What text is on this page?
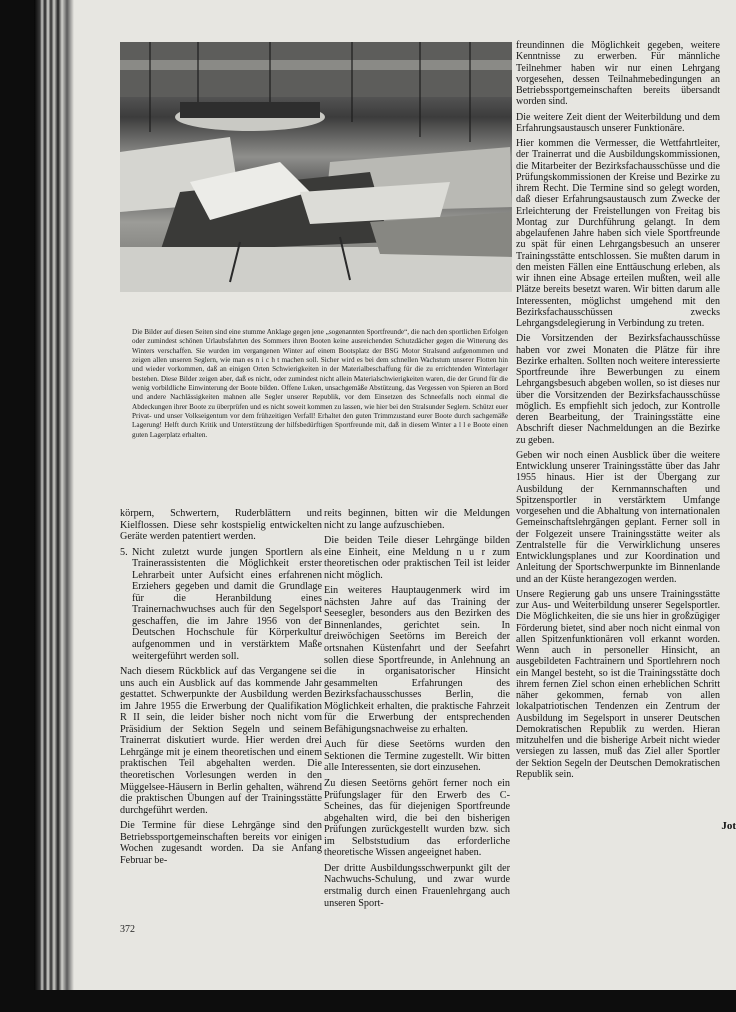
Die Bilder auf diesen Seiten sind eine stumme Anklage gegen jene „sogenannten Sportfreunde“, die nach den sportlichen Erfolgen oder zumindest schönen Urlaubsfahrten des Sommers ihren Booten keine ausreichenden Schutzdächer gegen die Witterung des Winters verschaffen. Sie wurden im vergangenen Winter auf einem Bootsplatz der BSG Motor Stralsund aufgenommen und zeigen allen unseren Seglern, wie man es n i c h t machen soll. Sicher wird es bei dem schnellen Wachstum unserer Flotten hin und wieder vorkommen, daß an einigen Orten Schwierigkeiten in der Materialbeschaffung für die zu errichtenden Winterlager bestehen. Diese Bilder zeigen aber, daß es nicht, oder zumindest nicht allein Materialschwierigkeiten waren, die der Grund für die wenig vorbildliche Einwinterung der Boote bilden. Offene Luken, unsachgemäße Abstützung, das Vergessen von Spieren an Bord und andere Nachlässigkeiten mahnen alle Segler unserer Republik, vor dem Einsetzen des Schneefalls noch einmal die Abdeckungen ihrer Boote zu überprüfen und es nicht soweit kommen zu lassen, wie hier bei den Stralsunder Seglern. Schützt euer Privat- und unser Volkseigentum vor dem frühzeitigen Verfall! Erhaltet den guten Trimmzustand eurer Boote durch sachgemäße Lagerung! Helft durch Kritik und Unterstützung der hilfsbedürftigen Sportfreunde mit, daß in diesem Winter a l l e Boote einen guten Lagerplatz erhalten.

körpern, Schwertern, Ruderblättern und Kielflossen. Diese sehr kostspielig entwickelten Geräte werden patentiert werden.

5. Nicht zuletzt wurde jungen Sportlern als Trainerassistenten die Möglichkeit erster Lehrarbeit unter Aufsicht eines erfahrenen Erziehers gegeben und damit die Grundlage für die Heranbildung eines Trainernachwuchses auch für den Segelsport geschaffen, die im Jahre 1956 von der Deutschen Hochschule für Körperkultur aufgenommen und in verstärktem Maße weitergeführt werden soll.

Nach diesem Rückblick auf das Vergangene sei uns auch ein Ausblick auf das kommende Jahr gestattet. Schwerpunkte der Ausbildung werden im Jahre 1955 die Erwerbung der Qualifikation R II sein, die leider bisher noch nicht vom Präsidium der Sektion Segeln und seinem Trainerrat diskutiert wurde. Hier werden drei Lehrgänge mit je einem theoretischen und einem praktischen Teil abgehalten werden. Die theoretischen Vorlesungen werden in den Müggelsee-Häusern in Berlin gehalten, während die praktischen Übungen auf der Trainingsstätte durchgeführt werden.

Die Termine für diese Lehrgänge sind den Betriebssportgemeinschaften bereits vor einigen Wochen zugesandt worden. Da sie Anfang Februar be-

reits beginnen, bitten wir die Meldungen nicht zu lange aufzuschieben.

Die beiden Teile dieser Lehrgänge bilden eine Einheit, eine Meldung n u r zum theoretischen oder praktischen Teil ist leider nicht möglich.

Ein weiteres Hauptaugenmerk wird im nächsten Jahre auf das Training der Seesegler, besonders aus den Bezirken des Binnenlandes, gerichtet sein. In dreiwöchigen Seetörns im Bereich der ortsnahen Küstenfahrt und der Seefahrt sollen diese Sportfreunde, in Anlehnung an die in organisatorischer Hinsicht gesammelten Erfahrungen des Bezirksfachausschusses Berlin, die Möglichkeit erhalten, die praktische Fahrzeit für die Erwerbung der entsprechenden Befähigungsnachweise zu erhalten.

Auch für diese Seetörns wurden den Sektionen die Termine zugestellt. Wir bitten alle Interessenten, sie dort einzusehen.

Zu diesen Seetörns gehört ferner noch ein Prüfungslager für den Erwerb des C-Scheines, das für diejenigen Sportfreunde abgehalten wird, die bei den bisherigen Prüfungen zurückgestellt wurden bzw. sich im Selbststudium das erforderliche theoretische Wissen angeeignet haben.

Der dritte Ausbildungsschwerpunkt gilt der Nachwuchs-Schulung, und zwar wurde erstmalig durch einen Frauenlehrgang auch unseren Sport-

freundinnen die Möglichkeit gegeben, weitere Kenntnisse zu erwerben. Für männliche Teilnehmer haben wir nur einen Lehrgang vorgesehen, dessen Teilnahmebedingungen an Betriebssportgemeinschaften bereits übersandt worden sind.

Die weitere Zeit dient der Weiterbildung und dem Erfahrungsaustausch unserer Funktionäre.

Hier kommen die Vermesser, die Wettfahrtleiter, der Trainerrat und die Ausbildungskommissionen, die Mitarbeiter der Bezirksfachausschüsse und die Prüfungskommissionen der Kreise und Bezirke zu ihrem Recht. Die Termine sind so gelegt worden, daß dieser Erfahrungsaustausch zum Zwecke der Erleichterung der Freistellungen von Freitag bis Montag zur Durchführung gelangt. In dem abgelaufenen Jahre haben sich viele Sportfreunde zu spät für einen Lehrgangsbesuch an unserer Trainingsstätte entschlossen. Sie mußten darum in den meisten Fällen eine Enttäuschung erleben, als wir ihnen eine Absage erteilen mußten, weil alle Plätze bereits besetzt waren. Wir bitten darum alle Interessenten, möglichst umgehend mit den Bezirksfachausschüssen zwecks Lehrgangsdelegierung in Verbindung zu treten.

Die Vorsitzenden der Bezirksfachausschüsse haben vor zwei Monaten die Plätze für ihre Bezirke erhalten. Sollten noch weitere interessierte Sportfreunde ihre Bewerbungen zu einem Lehrgangsbesuch abgeben wollen, so ist dieses nur über die Vorsitzenden der Bezirksfachausschüsse möglich. Es empfiehlt sich jedoch, zur Kontrolle deren Bearbeitung, der Trainingsstätte eine Abschrift dieser Nachmeldungen an die Bezirke zu geben.

Geben wir noch einen Ausblick über die weitere Entwicklung unserer Trainingsstätte über das Jahr 1955 hinaus. Hier ist der Übergang zur Ausbildung der Kernmannschaften und Spitzensportler in verstärktem Umfange vorgesehen und die Abhaltung von internationalen Gemeinschaftslehrgängen geplant. Ferner soll in der Folgezeit unsere Trainingsstätte weiter als Zentralstelle für die Verwirklichung unseres Entwicklungsplanes und zur Koordination und Anleitung der Sportschwerpunkte im Binnenlande und an der Küste herangezogen werden.

Unsere Regierung gab uns unsere Trainingsstätte zur Aus- und Weiterbildung unserer Segelsportler. Die Möglichkeiten, die sie uns hier in großzügiger Förderung bietet, sind aber noch nicht einmal von allen Spitzenfunktionären voll erkannt worden. Wenn auch in personeller Hinsicht, an ausgebildeten Fachtrainern und Sportlehrern noch ein Mangel besteht, so ist die Trainingsstätte doch ihrem fernen Ziel schon einen erheblichen Schritt näher gekommen, fernab von allen lokalpatriotischen Tendenzen ein Zentrum der Ausbildung im Segelsport in unserer Deutschen Demokratischen Republik zu werden. Hieran mitzuhelfen und die bisherige Arbeit nicht wieder versiegen zu lassen, muß das Ziel aller Sportler der Sektion Segeln der Deutschen Demokratischen Republik sein.

372
Jot
